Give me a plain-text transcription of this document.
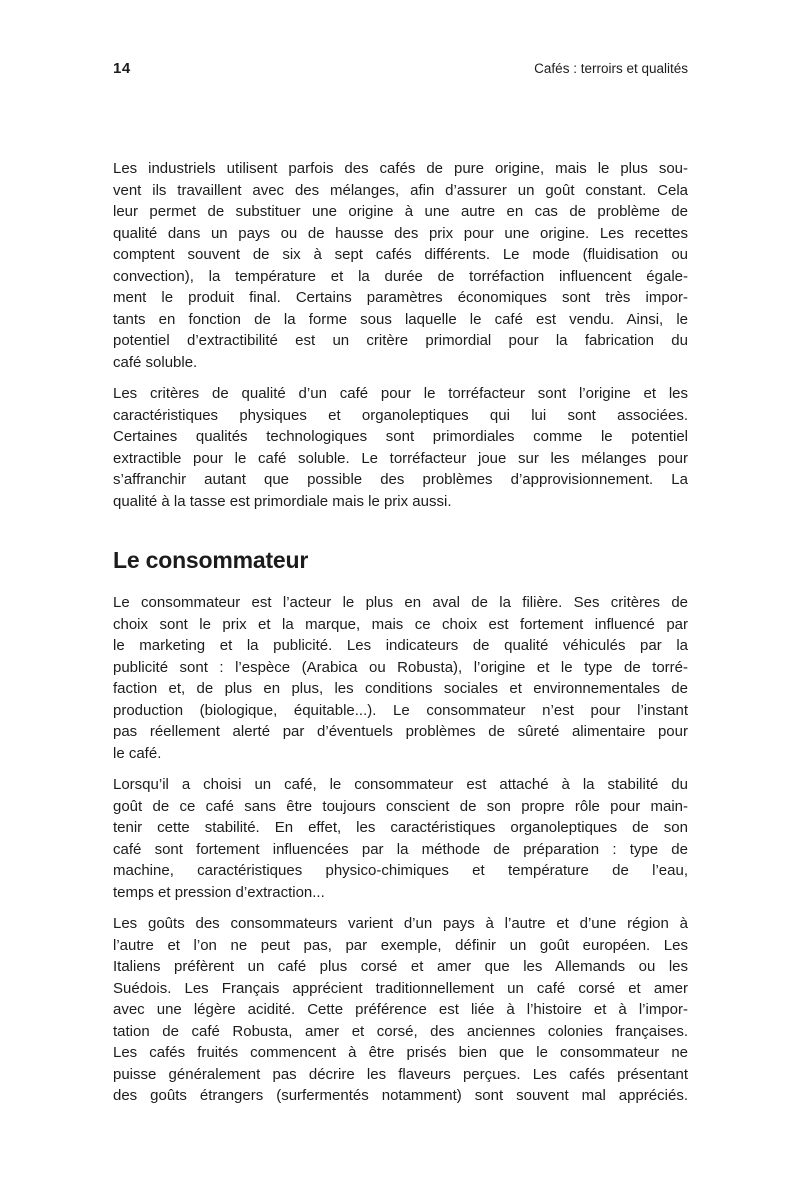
14	Cafés : terroirs et qualités
Les industriels utilisent parfois des cafés de pure origine, mais le plus sou-
vent ils travaillent avec des mélanges, afin d’assurer un goût constant. Cela
leur permet de substituer une origine à une autre en cas de problème de
qualité dans un pays ou de hausse des prix pour une origine. Les recettes
comptent souvent de six à sept cafés différents. Le mode (fluidisation ou
convection), la température et la durée de torréfaction influencent égale-
ment le produit final. Certains paramètres économiques sont très impor-
tants en fonction de la forme sous laquelle le café est vendu. Ainsi, le
potentiel d’extractibilité est un critère primordial pour la fabrication du
café soluble.
Les critères de qualité d’un café pour le torréfacteur sont l’origine et les
caractéristiques physiques et organoleptiques qui lui sont associées.
Certaines qualités technologiques sont primordiales comme le potentiel
extractible pour le café soluble. Le torréfacteur joue sur les mélanges pour
s’affranchir autant que possible des problèmes d’approvisionnement. La
qualité à la tasse est primordiale mais le prix aussi.
Le consommateur
Le consommateur est l’acteur le plus en aval de la filière. Ses critères de
choix sont le prix et la marque, mais ce choix est fortement influencé par
le marketing et la publicité. Les indicateurs de qualité véhiculés par la
publicité sont : l’espèce (Arabica ou Robusta), l’origine et le type de torré-
faction et, de plus en plus, les conditions sociales et environnementales de
production (biologique, équitable...). Le consommateur n’est pour l’instant
pas réellement alerté par d’éventuels problèmes de sûreté alimentaire pour
le café.
Lorsqu’il a choisi un café, le consommateur est attaché à la stabilité du
goût de ce café sans être toujours conscient de son propre rôle pour main-
tenir cette stabilité. En effet, les caractéristiques organoleptiques de son
café sont fortement influencées par la méthode de préparation : type de
machine, caractéristiques physico-chimiques et température de l’eau,
temps et pression d’extraction...
Les goûts des consommateurs varient d’un pays à l’autre et d’une région à
l’autre et l’on ne peut pas, par exemple, définir un goût européen. Les
Italiens préfèrent un café plus corsé et amer que les Allemands ou les
Suédois. Les Français apprécient traditionnellement un café corsé et amer
avec une légère acidité. Cette préférence est liée à l’histoire et à l’impor-
tation de café Robusta, amer et corsé, des anciennes colonies françaises.
Les cafés fruités commencent à être prisés bien que le consommateur ne
puisse généralement pas décrire les flaveurs perçues. Les cafés présentant
des goûts étrangers (surfermentés notamment) sont souvent mal appréciés.
